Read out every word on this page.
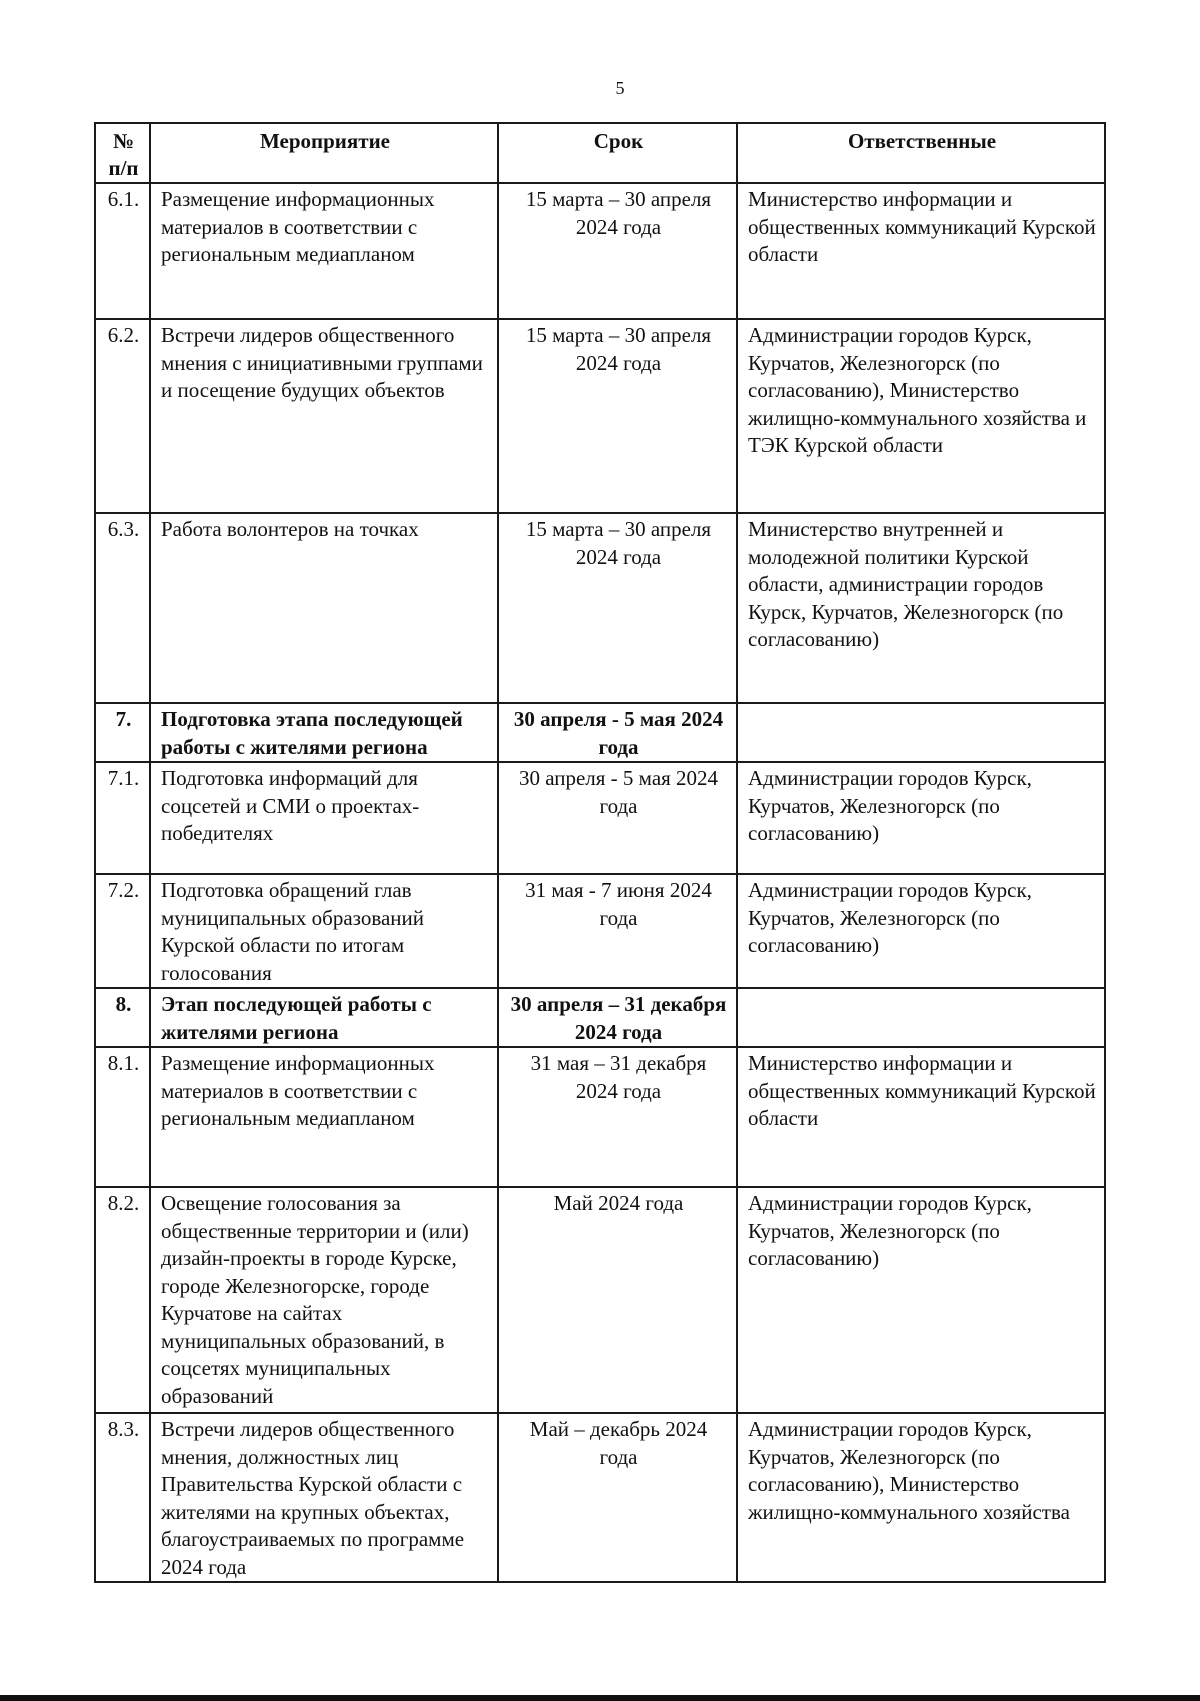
5
№ п/п	Мероприятие	Срок	Ответственные
6.1.	Размещение информационных материалов в соответствии с региональным медиапланом	15 марта – 30 апреля 2024 года	Министерство информации и общественных коммуникаций Курской области
6.2.	Встречи лидеров общественного мнения с инициативными группами и посещение будущих объектов	15 марта – 30 апреля 2024 года	Администрации городов Курск, Курчатов, Железногорск (по согласованию), Министерство жилищно-коммунального хозяйства и ТЭК Курской области
6.3.	Работа волонтеров на точках	15 марта – 30 апреля 2024 года	Министерство внутренней и молодежной политики Курской области, администрации городов Курск, Курчатов, Железногорск (по согласованию)
7.	Подготовка этапа последующей работы с жителями региона	30 апреля - 5 мая 2024 года	
7.1.	Подготовка информаций для соцсетей и СМИ о проектах-победителях	30 апреля - 5 мая 2024 года	Администрации городов Курск, Курчатов, Железногорск (по согласованию)
7.2.	Подготовка обращений глав муниципальных образований Курской области по итогам голосования	31 мая - 7 июня 2024 года	Администрации городов Курск, Курчатов, Железногорск (по согласованию)
8.	Этап последующей работы с жителями региона	30 апреля – 31 декабря 2024 года	
8.1.	Размещение информационных материалов в соответствии с региональным медиапланом	31 мая – 31 декабря 2024 года	Министерство информации и общественных коммуникаций Курской области
8.2.	Освещение голосования за общественные территории и (или) дизайн-проекты в городе Курске, городе Железногорске, городе Курчатове на сайтах муниципальных образований, в соцсетях муниципальных образований	Май 2024 года	Администрации городов Курск, Курчатов, Железногорск (по согласованию)
8.3.	Встречи лидеров общественного мнения, должностных лиц Правительства Курской области с жителями на крупных объектах, благоустраиваемых по программе 2024 года	Май – декабрь 2024 года	Администрации городов Курск, Курчатов, Железногорск (по согласованию), Министерство жилищно-коммунального хозяйства
